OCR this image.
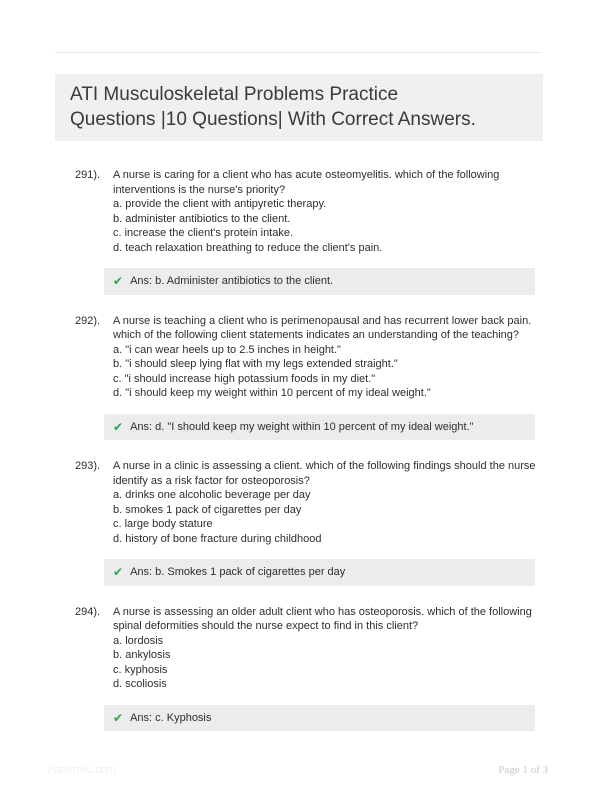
ATI Musculoskeletal Problems Practice
Questions |10 Questions| With Correct Answers.
291).	A nurse is caring for a client who has acute osteomyelitis. which of the following
interventions is the nurse's priority?
a. provide the client with antipyretic therapy.
b. administer antibiotics to the client.
c. increase the client's protein intake.
d. teach relaxation breathing to reduce the client's pain.
✔ Ans: b. Administer antibiotics to the client.
292).	A nurse is teaching a client who is perimenopausal and has recurrent lower back pain.
which of the following client statements indicates an understanding of the teaching?
a. "i can wear heels up to 2.5 inches in height."
b. "i should sleep lying flat with my legs extended straight."
c. "i should increase high potassium foods in my diet."
d. "i should keep my weight within 10 percent of my ideal weight."
✔ Ans: d. "I should keep my weight within 10 percent of my ideal weight."
293).	A nurse in a clinic is assessing a client. which of the following findings should the nurse
identify as a risk factor for osteoporosis?
a. drinks one alcoholic beverage per day
b. smokes 1 pack of cigarettes per day
c. large body stature
d. history of bone fracture during childhood
✔ Ans: b. Smokes 1 pack of cigarettes per day
294).	A nurse is assessing an older adult client who has osteoporosis. which of the following
spinal deformities should the nurse expect to find in this client?
a. lordosis
b. ankylosis
c. kyphosis
d. scoliosis
✔ Ans: c. Kyphosis
Papertilic.com	Page 1 of 3
